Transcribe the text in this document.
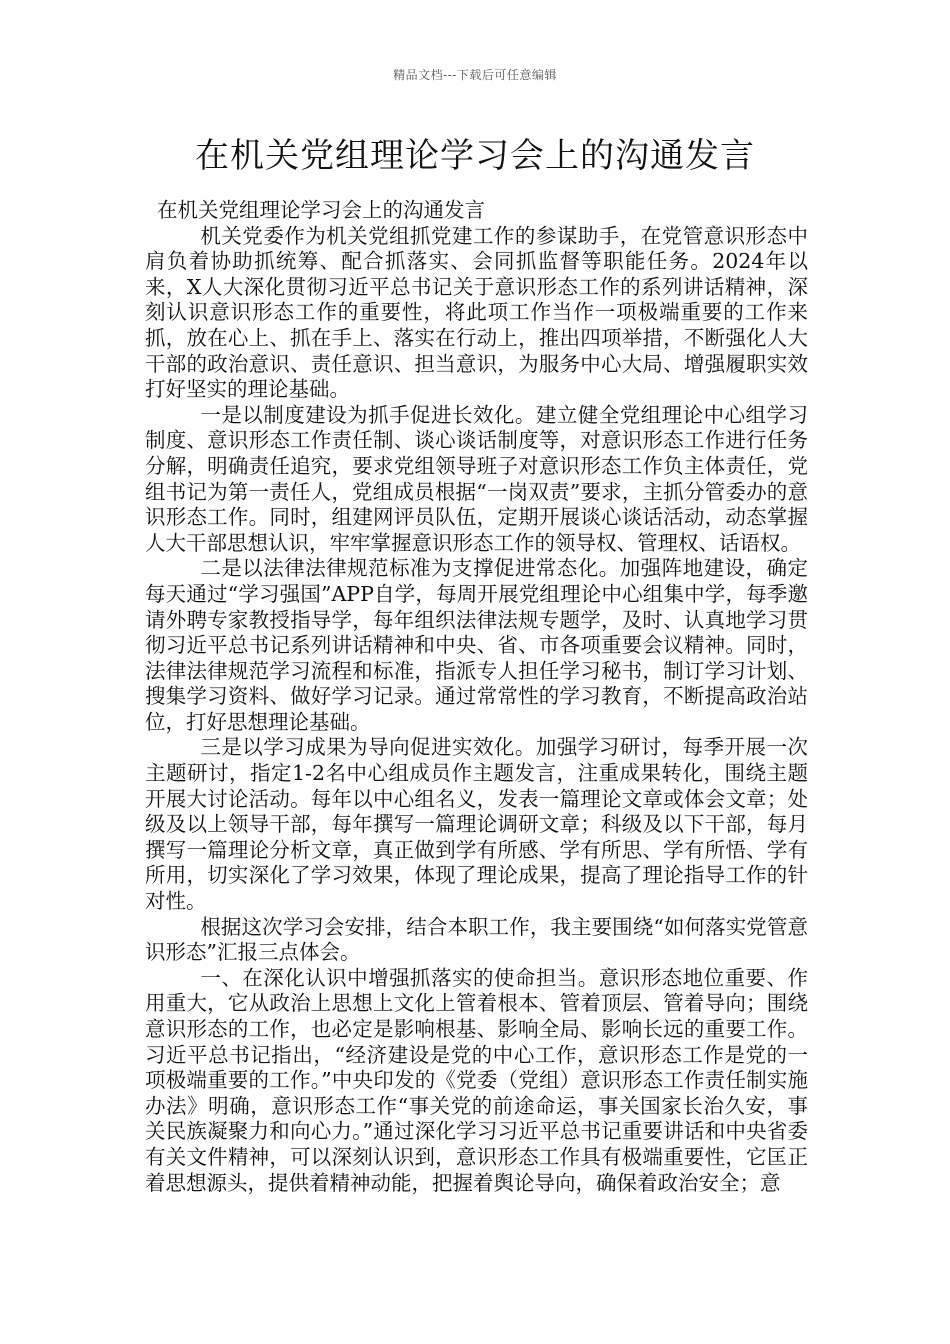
精品文档---下载后可任意编辑
在机关党组理论学习会上的沟通发言

在机关党组理论学习会上的沟通发言

机关党委作为机关党组抓党建工作的参谋助手，在党管意识形态中肩负着协助抓统筹、配合抓落实、会同抓监督等职能任务。2024年以来，X人大深化贯彻习近平总书记关于意识形态工作的系列讲话精神，深刻认识意识形态工作的重要性，将此项工作当作一项极端重要的工作来抓，放在心上、抓在手上、落实在行动上，推出四项举措，不断强化人大干部的政治意识、责任意识、担当意识，为服务中心大局、增强履职实效打好坚实的理论基础。

一是以制度建设为抓手促进长效化。建立健全党组理论中心组学习制度、意识形态工作责任制、谈心谈话制度等，对意识形态工作进行任务分解，明确责任追究，要求党组领导班子对意识形态工作负主体责任，党组书记为第一责任人，党组成员根据“一岗双责”要求，主抓分管委办的意识形态工作。同时，组建网评员队伍，定期开展谈心谈话活动，动态掌握人大干部思想认识，牢牢掌握意识形态工作的领导权、管理权、话语权。

二是以法律法律规范标准为支撑促进常态化。加强阵地建设，确定每天通过“学习强国”APP自学，每周开展党组理论中心组集中学，每季邀请外聘专家教授指导学，每年组织法律法规专题学，及时、认真地学习贯彻习近平总书记系列讲话精神和中央、省、市各项重要会议精神。同时，法律法律规范学习流程和标准，指派专人担任学习秘书，制订学习计划、搜集学习资料、做好学习记录。通过常常性的学习教育，不断提高政治站位，打好思想理论基础。

三是以学习成果为导向促进实效化。加强学习研讨，每季开展一次主题研讨，指定1-2名中心组成员作主题发言，注重成果转化，围绕主题开展大讨论活动。每年以中心组名义，发表一篇理论文章或体会文章；处级及以上领导干部，每年撰写一篇理论调研文章；科级及以下干部，每月撰写一篇理论分析文章，真正做到学有所感、学有所思、学有所悟、学有所用，切实深化了学习效果，体现了理论成果，提高了理论指导工作的针对性。

根据这次学习会安排，结合本职工作，我主要围绕“如何落实党管意识形态”汇报三点体会。

一、在深化认识中增强抓落实的使命担当。意识形态地位重要、作用重大，它从政治上思想上文化上管着根本、管着顶层、管着导向；围绕意识形态的工作，也必定是影响根基、影响全局、影响长远的重要工作。习近平总书记指出，“经济建设是党的中心工作，意识形态工作是党的一项极端重要的工作。”中央印发的《党委（党组）意识形态工作责任制实施办法》明确，意识形态工作“事关党的前途命运，事关国家长治久安，事关民族凝聚力和向心力。”通过深化学习习近平总书记重要讲话和中央省委有关文件精神，可以深刻认识到，意识形态工作具有极端重要性，它匡正着思想源头，提供着精神动能，把握着舆论导向，确保着政治安全；意
